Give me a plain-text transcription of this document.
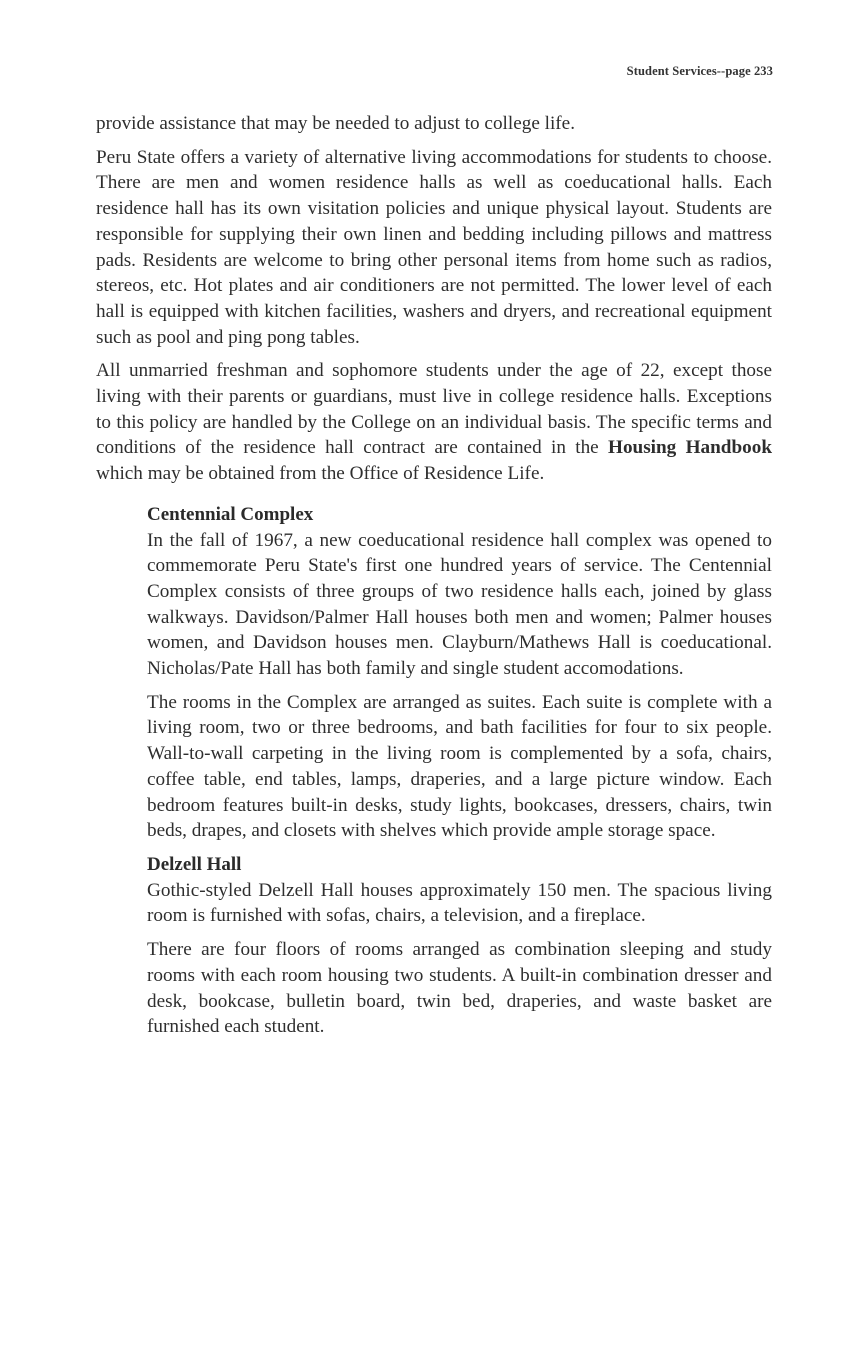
Student Services--page 233

provide assistance that may be needed to adjust to college life.

Peru State offers a variety of alternative living accommodations for students to choose. There are men and women residence halls as well as coeducational halls. Each residence hall has its own visitation policies and unique physical layout. Students are responsible for supplying their own linen and bedding including pillows and mattress pads. Residents are welcome to bring other personal items from home such as radios, stereos, etc. Hot plates and air conditioners are not permitted. The lower level of each hall is equipped with kitchen facilities, washers and dryers, and recreational equipment such as pool and ping pong tables.

All unmarried freshman and sophomore students under the age of 22, except those living with their parents or guardians, must live in college residence halls. Exceptions to this policy are handled by the College on an individual basis. The specific terms and conditions of the residence hall contract are contained in the Housing Handbook which may be obtained from the Office of Residence Life.

Centennial Complex

In the fall of 1967, a new coeducational residence hall complex was opened to commemorate Peru State's first one hundred years of service. The Centennial Complex consists of three groups of two residence halls each, joined by glass walkways. Davidson/Palmer Hall houses both men and women; Palmer houses women, and Davidson houses men. Clayburn/Mathews Hall is coeducational. Nicholas/Pate Hall has both family and single student accomodations.

The rooms in the Complex are arranged as suites. Each suite is complete with a living room, two or three bedrooms, and bath facilities for four to six people. Wall-to-wall carpeting in the living room is complemented by a sofa, chairs, coffee table, end tables, lamps, draperies, and a large picture window. Each bedroom features built-in desks, study lights, bookcases, dressers, chairs, twin beds, drapes, and closets with shelves which provide ample storage space.

Delzell Hall

Gothic-styled Delzell Hall houses approximately 150 men. The spacious living room is furnished with sofas, chairs, a television, and a fireplace.

There are four floors of rooms arranged as combination sleeping and study rooms with each room housing two students. A built-in combination dresser and desk, bookcase, bulletin board, twin bed, draperies, and waste basket are furnished each student.
